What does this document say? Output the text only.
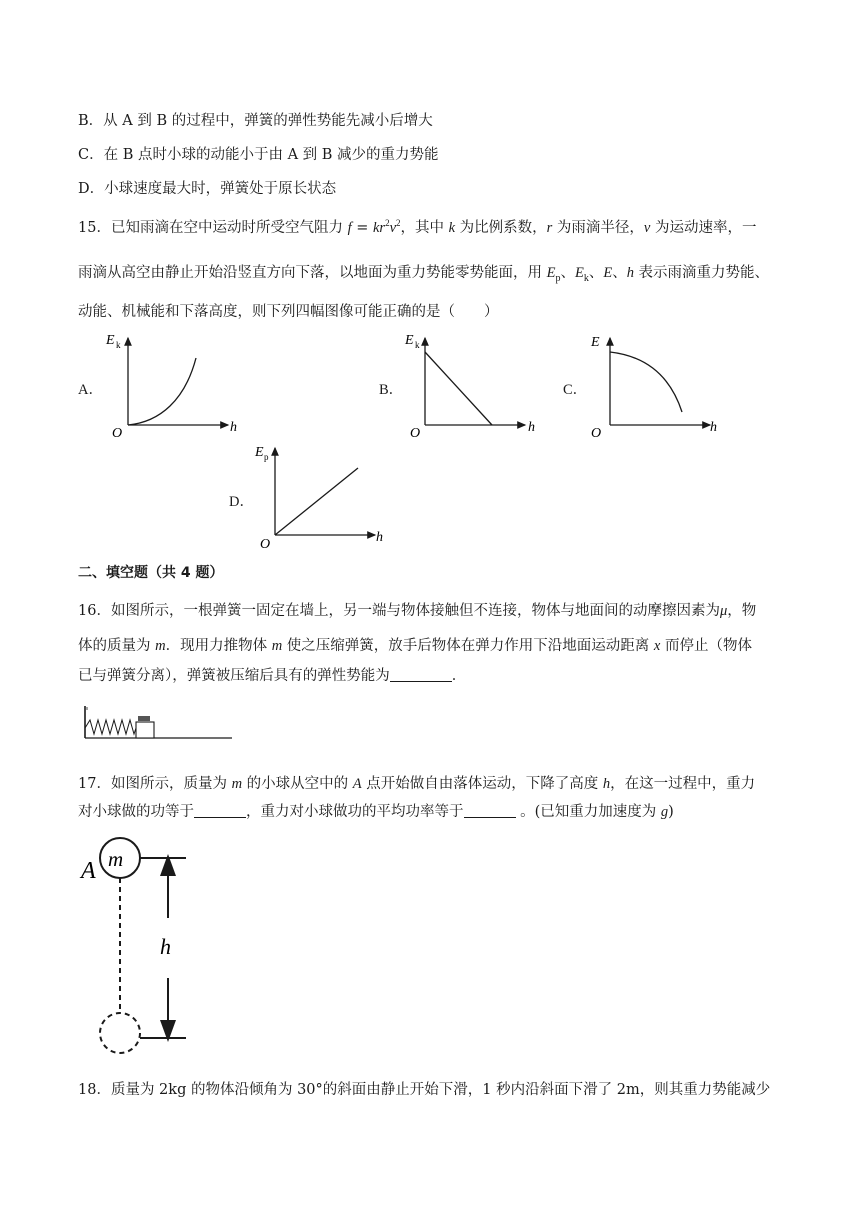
B．从 A 到 B 的过程中，弹簧的弹性势能先减小后增大
C．在 B 点时小球的动能小于由 A 到 B 减少的重力势能
D．小球速度最大时，弹簧处于原长状态
15．已知雨滴在空中运动时所受空气阻力 $f = kr^2v^2$，其中 k 为比例系数，r 为雨滴半径，v 为运动速率，一
雨滴从高空由静止开始沿竖直方向下落，以地面为重力势能零势能面，用 $E_p$、$E_k$、E、h 表示雨滴重力势能、
动能、机械能和下落高度，则下列四幅图像可能正确的是（　　）
A．
E k
h
O
B．
E k
h
O
C．
E
h
O
D．
E p
h
O
二、填空题（共 4 题）
16．如图所示，一根弹簧一固定在墙上，另一端与物体接触但不连接，物体与地面间的动摩擦因素为μ，物
体的质量为 m．现用力推物体 m 使之压缩弹簧，放手后物体在弹力作用下沿地面运动距离 x 而停止（物体
已与弹簧分离），弹簧被压缩后具有的弹性势能为	．
17．如图所示，质量为 m 的小球从空中的 A 点开始做自由落体运动，下降了高度 h，在这一过程中，重力
对小球做的功等于	，重力对小球做功的平均功率等于	。(已知重力加速度为 g)
A m
h
18．质量为 2kg 的物体沿倾角为 30°的斜面由静止开始下滑，1 秒内沿斜面下滑了 2m，则其重力势能减少
